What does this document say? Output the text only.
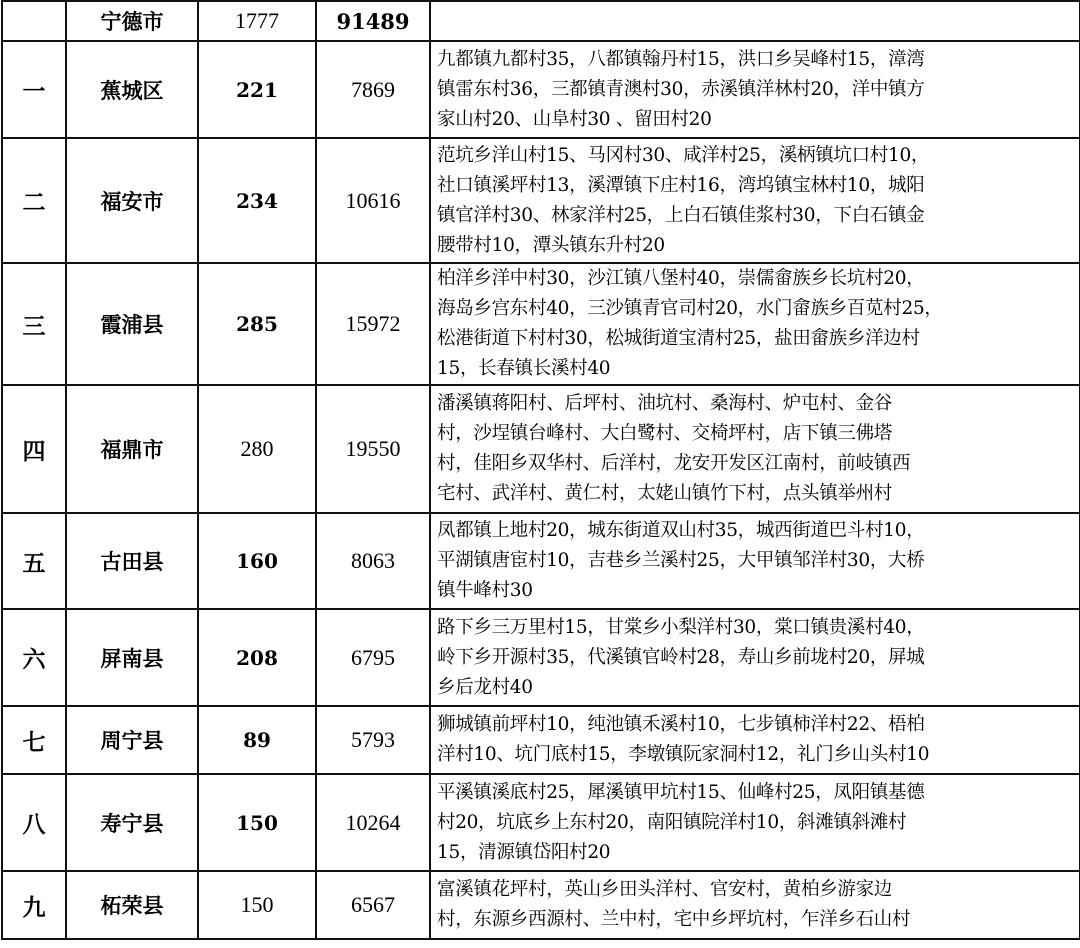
	宁德市	1777	91489	
一	蕉城区	221	7869	九都镇九都村35，八都镇翰丹村15，洪口乡吴峰村15，漳湾
镇雷东村36，三都镇青澳村30，赤溪镇洋林村20，洋中镇方
家山村20、山阜村30 、留田村20
二	福安市	234	10616	范坑乡洋山村15、马冈村30、咸洋村25，溪柄镇坑口村10，
社口镇溪坪村13，溪潭镇下庄村16，湾坞镇宝林村10，城阳
镇官洋村30、林家洋村25，上白石镇佳浆村30，下白石镇金
腰带村10，潭头镇东升村20
三	霞浦县	285	15972	柏洋乡洋中村30，沙江镇八堡村40，崇儒畲族乡长坑村20，
海岛乡宫东村40，三沙镇青官司村20，水门畲族乡百苋村25，
松港街道下村村30，松城街道宝清村25，盐田畲族乡洋边村
15，长春镇长溪村40
四	福鼎市	280	19550	潘溪镇蒋阳村、后坪村、油坑村、桑海村、炉屯村、金谷
村，沙埕镇台峰村、大白鹭村、交椅坪村，店下镇三佛塔
村，佳阳乡双华村、后洋村，龙安开发区江南村，前岐镇西
宅村、武洋村、黄仁村，太姥山镇竹下村，点头镇举州村
五	古田县	160	8063	凤都镇上地村20，城东街道双山村35，城西街道巴斗村10，
平湖镇唐宦村10，吉巷乡兰溪村25，大甲镇邹洋村30，大桥
镇牛峰村30
六	屏南县	208	6795	路下乡三万里村15，甘棠乡小梨洋村30，棠口镇贵溪村40，
岭下乡开源村35，代溪镇官岭村28，寿山乡前垅村20，屏城
乡后龙村40
七	周宁县	89	5793	狮城镇前坪村10，纯池镇禾溪村10，七步镇柿洋村22、梧柏
洋村10、坑门底村15，李墩镇阮家洞村12，礼门乡山头村10
八	寿宁县	150	10264	平溪镇溪底村25，犀溪镇甲坑村15、仙峰村25，凤阳镇基德
村20，坑底乡上东村20，南阳镇院洋村10，斜滩镇斜滩村
15，清源镇岱阳村20
九	柘荣县	150	6567	富溪镇花坪村，英山乡田头洋村、官安村，黄柏乡游家边
村，东源乡西源村、兰中村，宅中乡坪坑村，乍洋乡石山村
